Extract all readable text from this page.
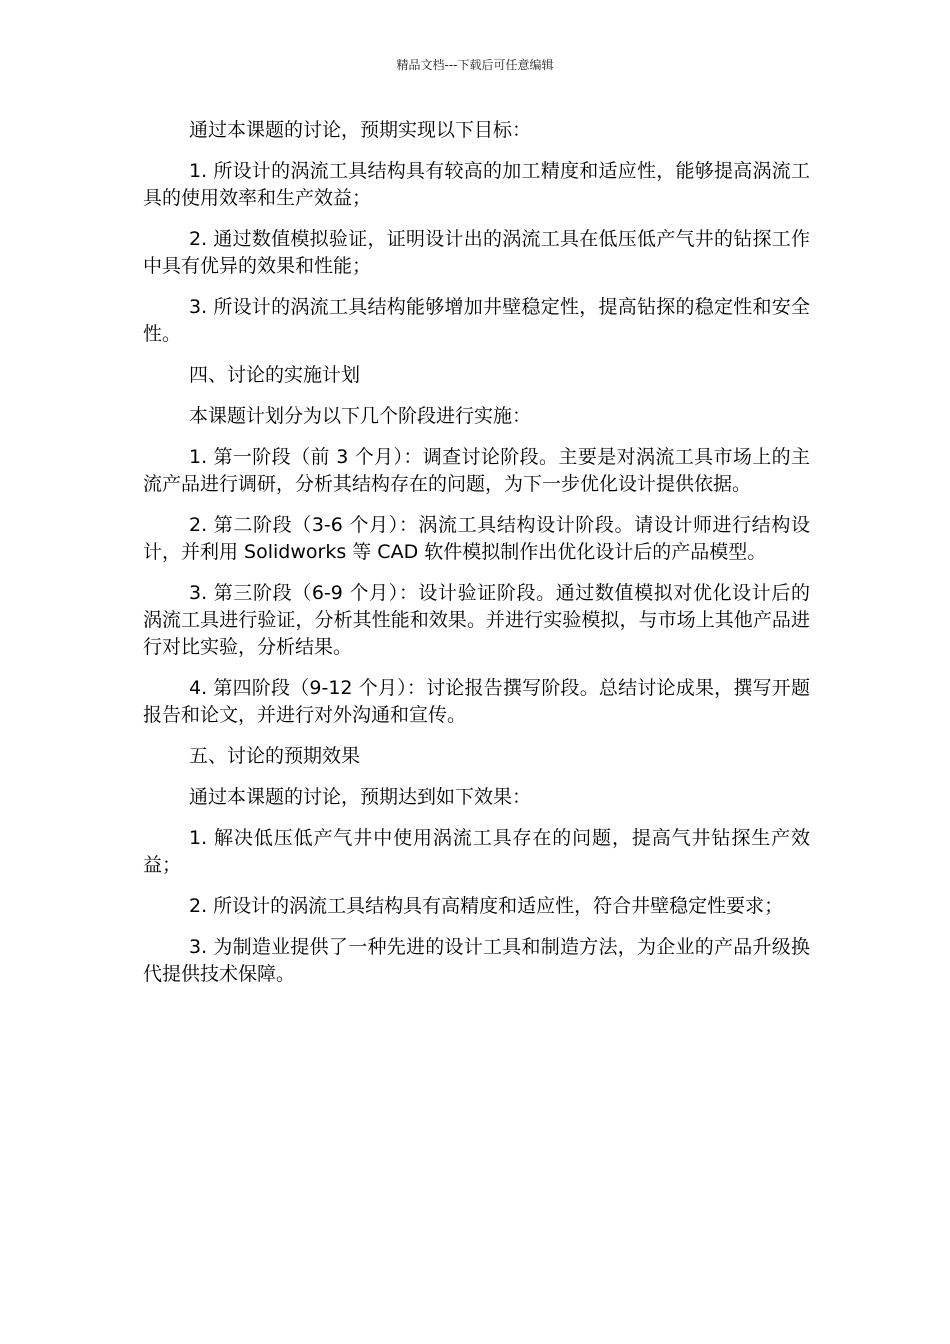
精品文档---下载后可任意编辑

通过本课题的讨论，预期实现以下目标：

1. 所设计的涡流工具结构具有较高的加工精度和适应性，能够提高涡流工具的使用效率和生产效益；

2. 通过数值模拟验证，证明设计出的涡流工具在低压低产气井的钻探工作中具有优异的效果和性能；

3. 所设计的涡流工具结构能够增加井壁稳定性，提高钻探的稳定性和安全性。

四、讨论的实施计划

本课题计划分为以下几个阶段进行实施：

1. 第一阶段（前 3 个月）：调查讨论阶段。主要是对涡流工具市场上的主流产品进行调研，分析其结构存在的问题，为下一步优化设计提供依据。

2. 第二阶段（3-6 个月）：涡流工具结构设计阶段。请设计师进行结构设计，并利用 Solidworks 等 CAD 软件模拟制作出优化设计后的产品模型。

3. 第三阶段（6-9 个月）：设计验证阶段。通过数值模拟对优化设计后的涡流工具进行验证，分析其性能和效果。并进行实验模拟，与市场上其他产品进行对比实验，分析结果。

4. 第四阶段（9-12 个月）：讨论报告撰写阶段。总结讨论成果，撰写开题报告和论文，并进行对外沟通和宣传。

五、讨论的预期效果

通过本课题的讨论，预期达到如下效果：

1. 解决低压低产气井中使用涡流工具存在的问题，提高气井钻探生产效益；

2. 所设计的涡流工具结构具有高精度和适应性，符合井壁稳定性要求；

3. 为制造业提供了一种先进的设计工具和制造方法，为企业的产品升级换代提供技术保障。
